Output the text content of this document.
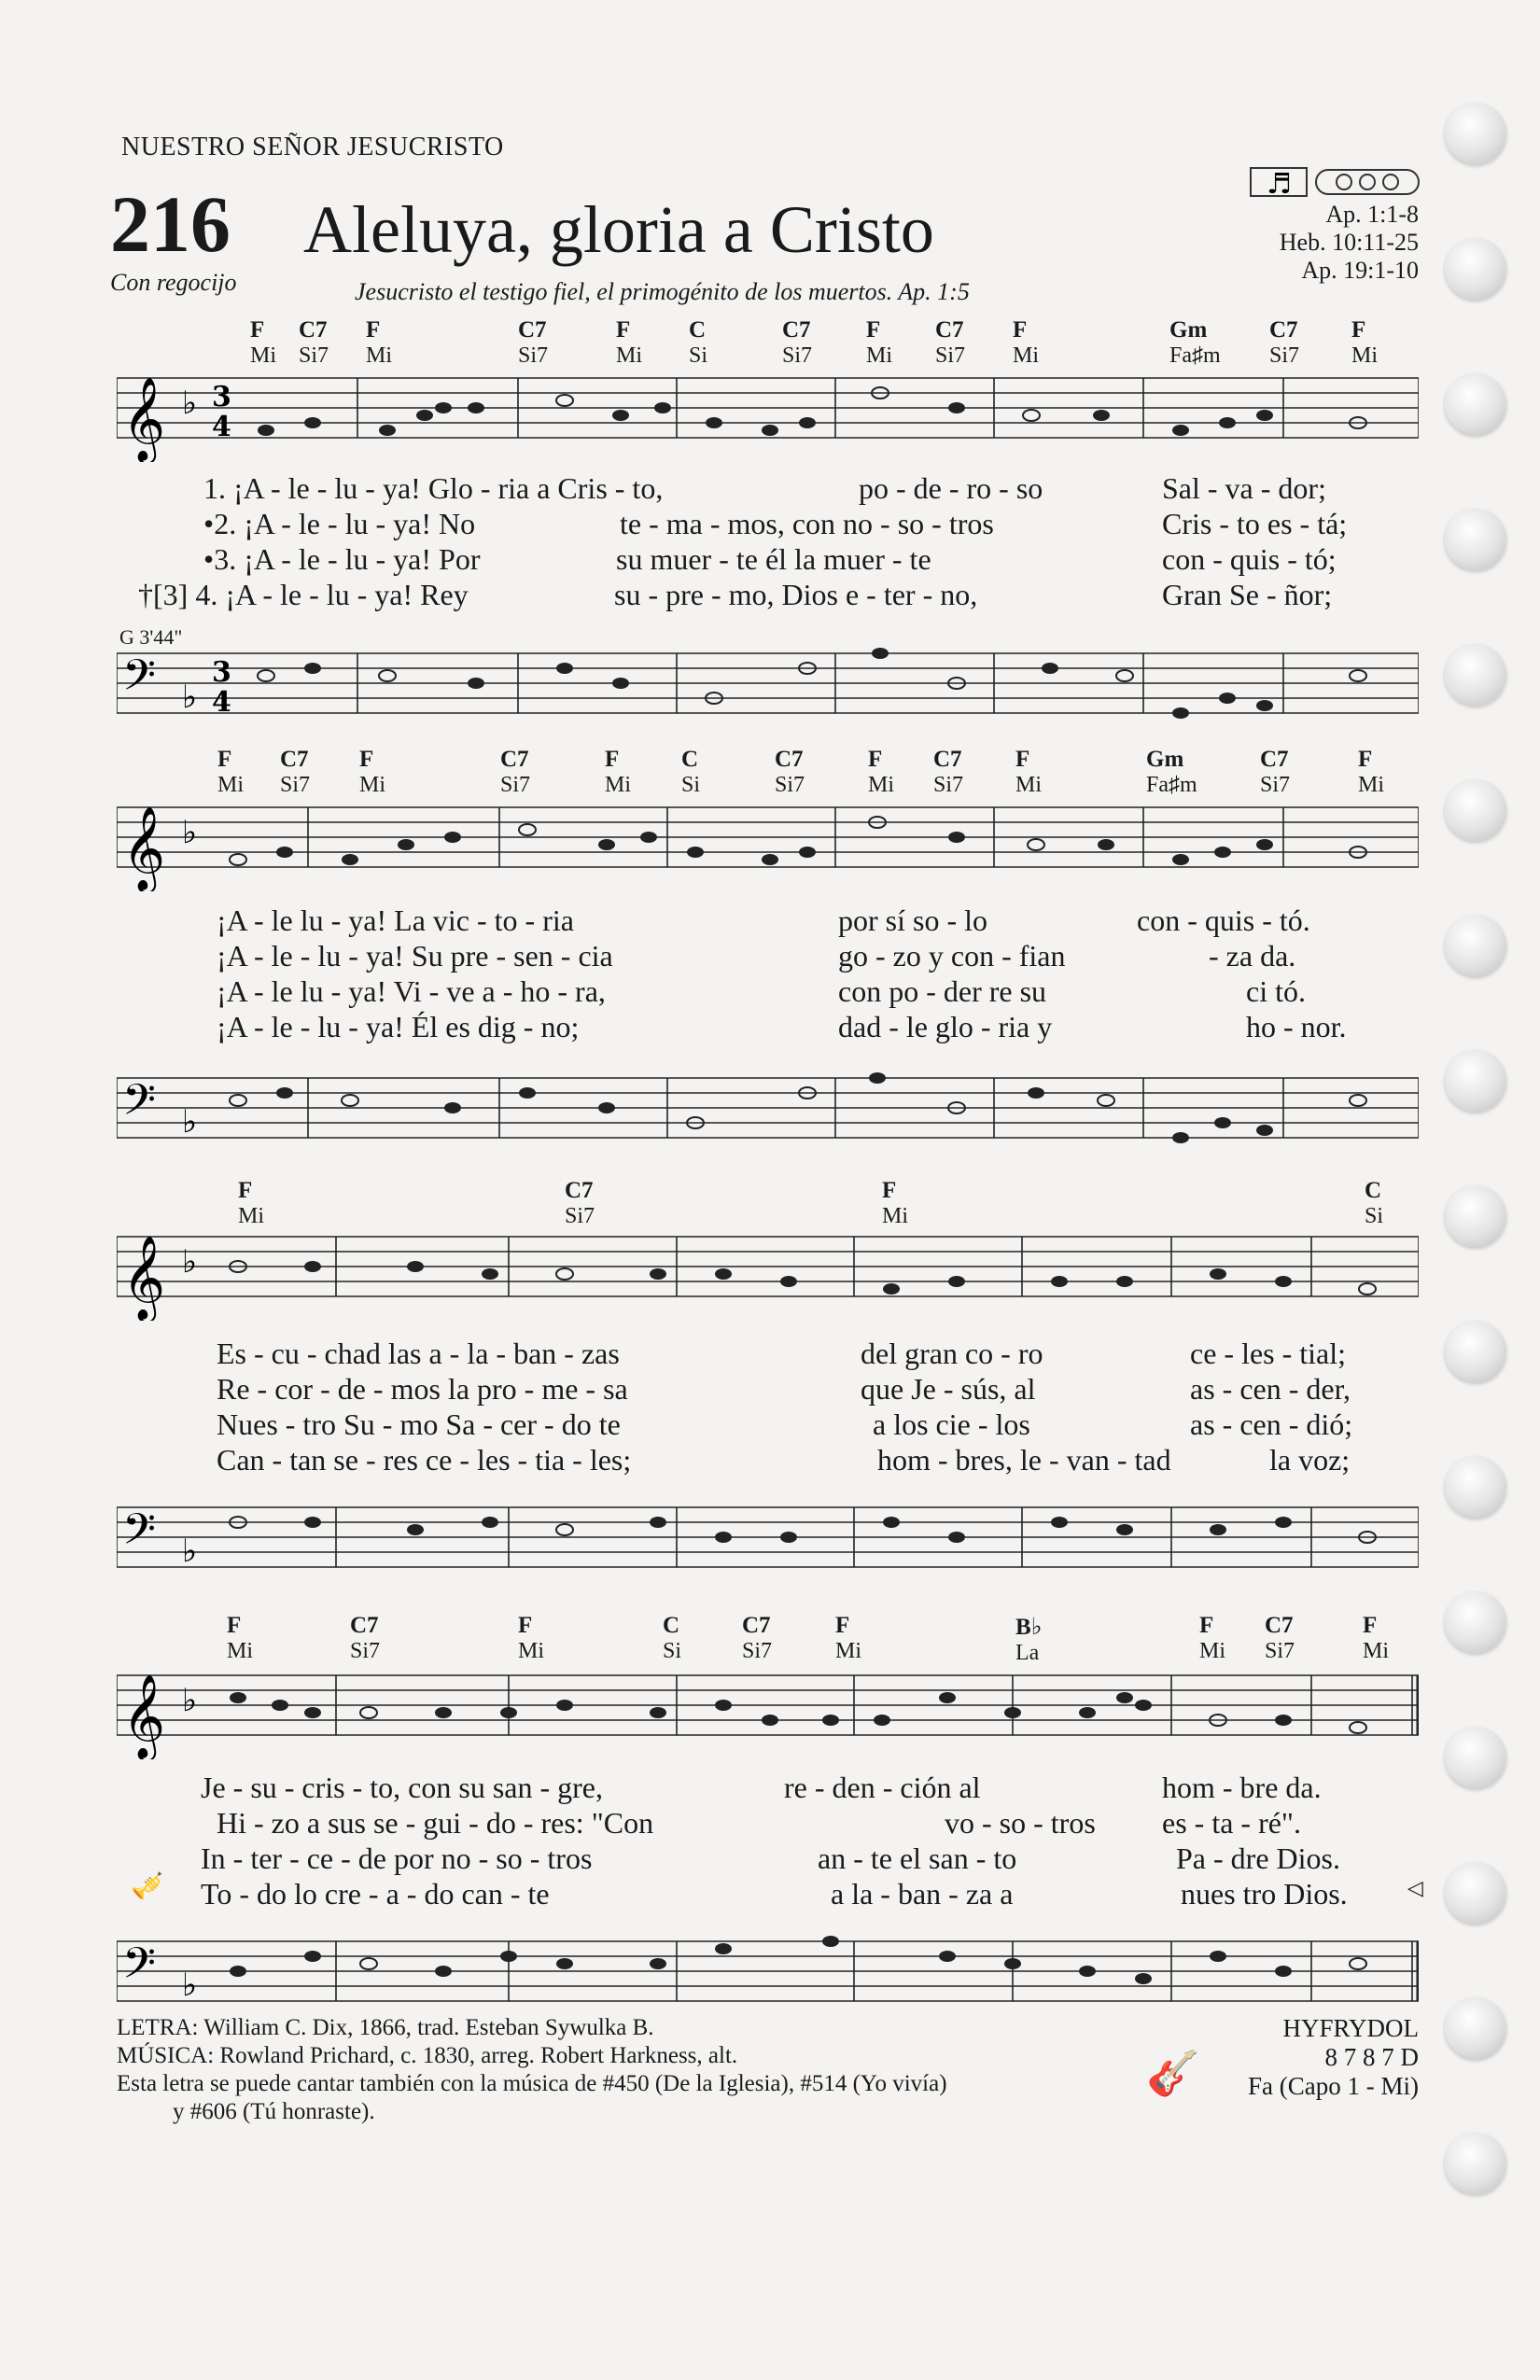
NUESTRO SEÑOR JESUCRISTO
216 Aleluya, gloria a Cristo
Con regocijo	Jesucristo el testigo fiel, el primogénito de los muertos. Ap. 1:5
♬
Ap. 1:1-8
Heb. 10:11-25
Ap. 19:1-10
F
Mi
C7
Si7
F
Mi
C7
Si7
F
Mi
C
Si
C7
Si7
F
Mi
C7
Si7
F
Mi
Gm
Fa♯m
C7
Si7
F
Mi
𝄞 ♭ 3
4
1. ¡A - le - lu - ya! Glo - ria a Cris - to,	po - de - ro - so	Sal - va - dor;
•2. ¡A - le - lu - ya! No	te - ma - mos, con no - so - tros	Cris - to es - tá;
•3. ¡A - le - lu - ya! Por	su muer - te él la muer - te	con - quis - tó;
†[3] 4. ¡A - le - lu - ya! Rey	su - pre - mo, Dios e - ter - no,	Gran Se - ñor;
G 3'44"
𝄢 ♭
3
4
F
Mi
C7
Si7
F
Mi
C7
Si7
F
Mi
C
Si
C7
Si7
F
Mi
C7
Si7
F
Mi
Gm
Fa♯m
C7
Si7
F
Mi
𝄞 ♭
¡A - le lu - ya! La vic - to - ria	por sí so - lo	con - quis - tó.
¡A - le - lu - ya! Su pre - sen - cia	go - zo y con - fian	- za da.
¡A - le lu - ya! Vi - ve a - ho - ra,	con po - der re su	ci tó.
¡A - le - lu - ya! Él es dig - no;	dad - le glo - ria y	ho - nor.
𝄢 ♭
F
Mi
C7
Si7
F
Mi
C
Si
𝄞 ♭
Es - cu - chad las a - la - ban - zas	del gran co - ro	ce - les - tial;
Re - cor - de - mos la pro - me - sa	que Je - sús, al	as - cen - der,
Nues - tro Su - mo Sa - cer - do te	a los cie - los	as - cen - dió;
Can - tan se - res ce - les - tia - les;	hom - bres, le - van - tad	la voz;
𝄢 ♭
F
Mi
C7
Si7
F
Mi
C
Si
C7
Si7
F
Mi
B♭
La
F
Mi
C7
Si7
F
Mi
𝄞 ♭
Je - su - cris - to, con su san - gre,	re - den - ción al	hom - bre da.
Hi - zo a sus se - gui - do - res: "Con	vo - so - tros es - ta - ré".
In - ter - ce - de por no - so - tros	an - te el san - to	Pa - dre Dios.
To - do lo cre - a - do can - te	a la - ban - za a	nues tro Dios.
🎺	◁
𝄢 ♭
LETRA: William C. Dix, 1866, trad. Esteban Sywulka B.
MÚSICA: Rowland Prichard, c. 1830, arreg. Robert Harkness, alt.
Esta letra se puede cantar también con la música de #450 (De la Iglesia), #514 (Yo vivía)
y #606 (Tú honraste).
🎸
HYFRYDOL
8 7 8 7 D
Fa (Capo 1 - Mi)
